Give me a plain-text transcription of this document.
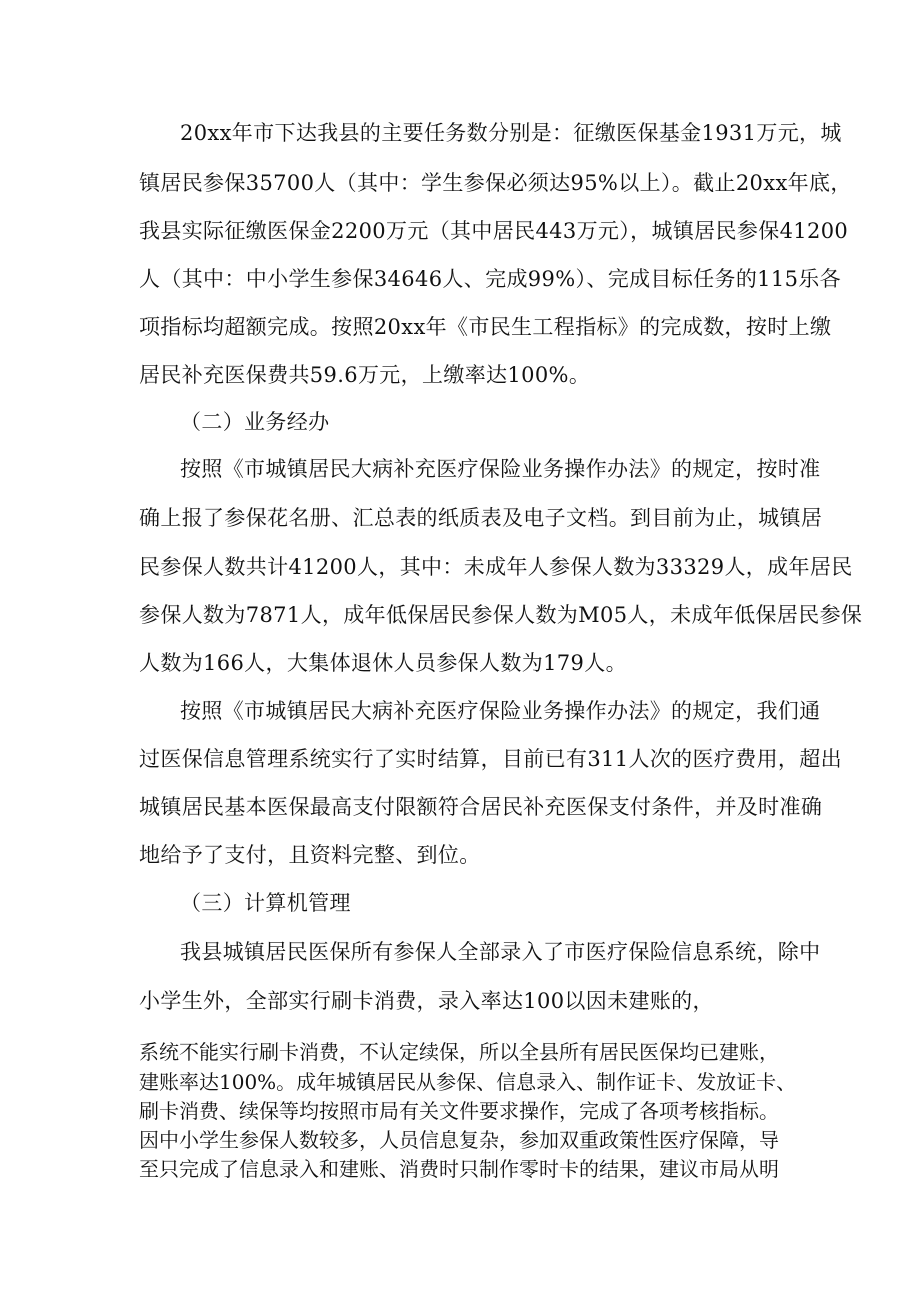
20xx年市下达我县的主要任务数分别是：征缴医保基金1931万元，城
镇居民参保35700人（其中：学生参保必须达95%以上）。截止20xx年底，
我县实际征缴医保金2200万元（其中居民443万元），城镇居民参保41200
人（其中：中小学生参保34646人、完成99%）、完成目标任务的115乐各
项指标均超额完成。按照20xx年《市民生工程指标》的完成数，按时上缴
居民补充医保费共59.6万元，上缴率达100%。
（二）业务经办
按照《市城镇居民大病补充医疗保险业务操作办法》的规定，按时准
确上报了参保花名册、汇总表的纸质表及电子文档。到目前为止，城镇居
民参保人数共计41200人，其中：未成年人参保人数为33329人，成年居民
参保人数为7871人，成年低保居民参保人数为M05人，未成年低保居民参保
人数为166人，大集体退休人员参保人数为179人。
按照《市城镇居民大病补充医疗保险业务操作办法》的规定，我们通
过医保信息管理系统实行了实时结算，目前已有311人次的医疗费用，超出
城镇居民基本医保最高支付限额符合居民补充医保支付条件，并及时准确
地给予了支付，且资料完整、到位。
（三）计算机管理
我县城镇居民医保所有参保人全部录入了市医疗保险信息系统，除中
小学生外，全部实行刷卡消费，录入率达100以因未建账的，
系统不能实行刷卡消费，不认定续保，所以全县所有居民医保均已建账，
建账率达100%。成年城镇居民从参保、信息录入、制作证卡、发放证卡、
刷卡消费、续保等均按照市局有关文件要求操作，完成了各项考核指标。
因中小学生参保人数较多，人员信息复杂，参加双重政策性医疗保障，导
至只完成了信息录入和建账、消费时只制作零时卡的结果，建议市局从明
